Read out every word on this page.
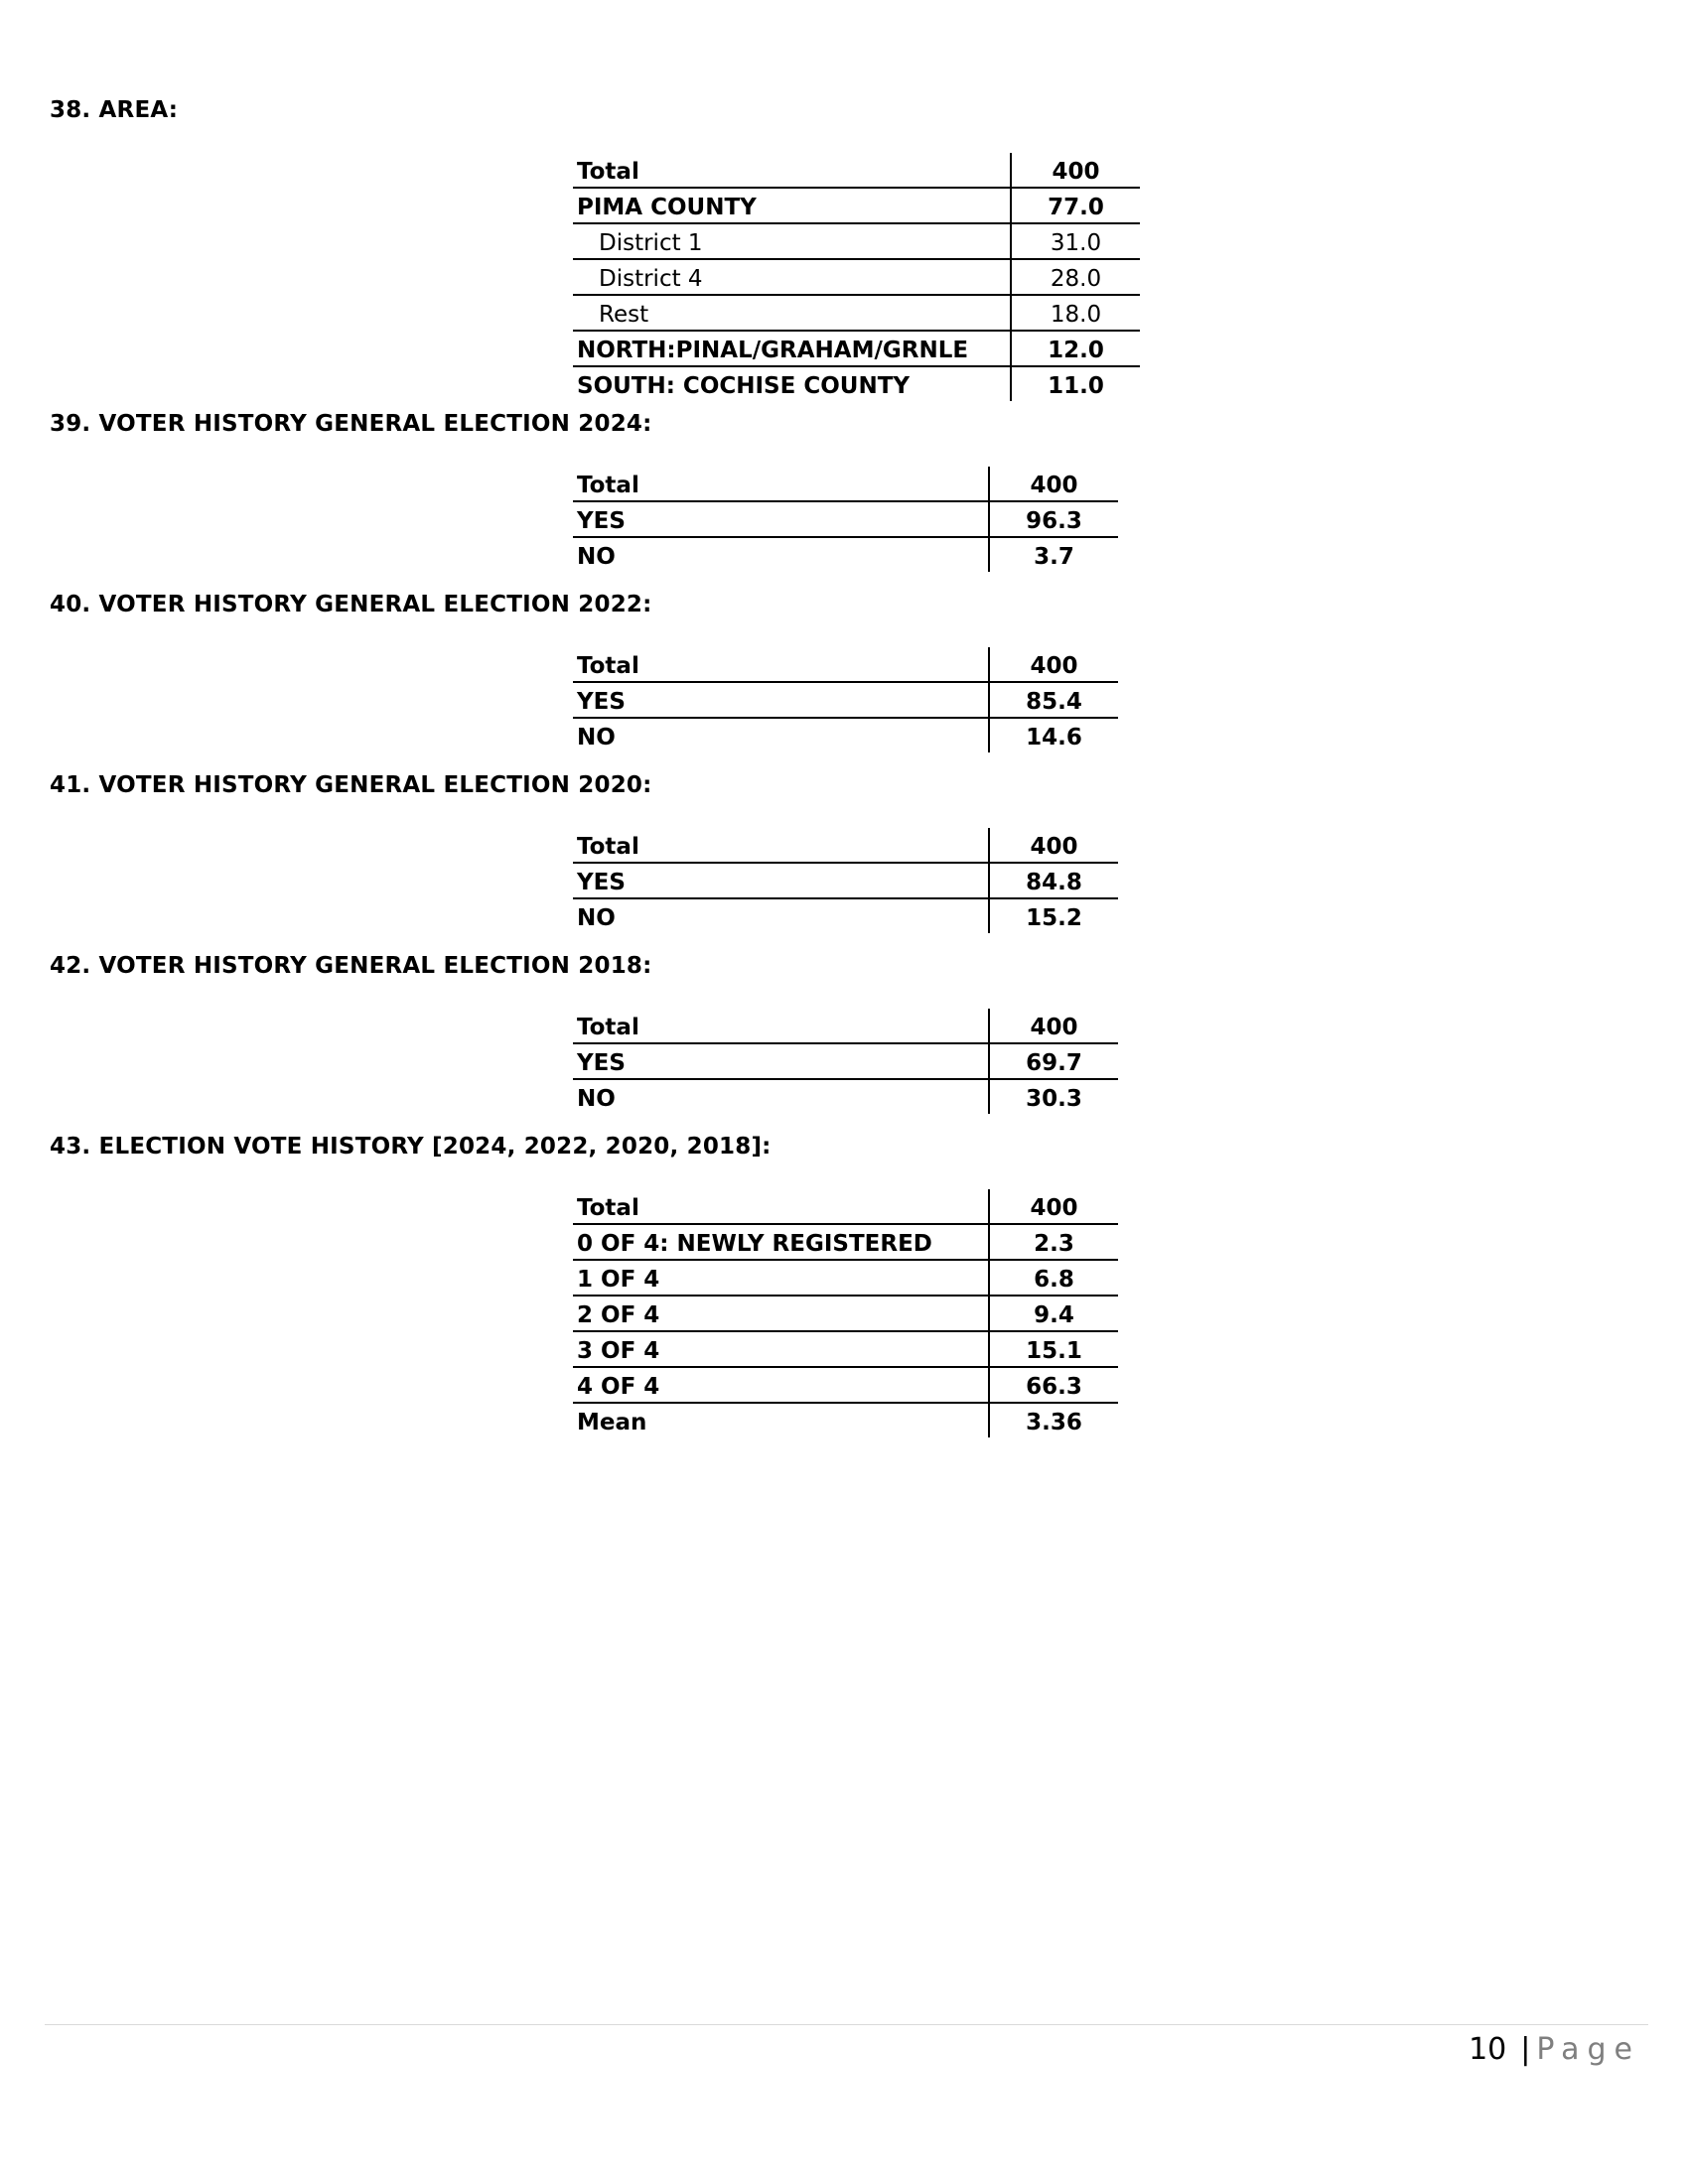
38. AREA:
Total	400
PIMA COUNTY	77.0
District 1	31.0
District 4	28.0
Rest	18.0
NORTH:PINAL/GRAHAM/GRNLE	12.0
SOUTH: COCHISE COUNTY	11.0
39. VOTER HISTORY GENERAL ELECTION 2024:
Total	400
YES	96.3
NO	3.7
40. VOTER HISTORY GENERAL ELECTION 2022:
Total	400
YES	85.4
NO	14.6
41. VOTER HISTORY GENERAL ELECTION 2020:
Total	400
YES	84.8
NO	15.2
42. VOTER HISTORY GENERAL ELECTION 2018:
Total	400
YES	69.7
NO	30.3
43. ELECTION VOTE HISTORY [2024, 2022, 2020, 2018]:
Total	400
0 OF 4: NEWLY REGISTERED	2.3
1 OF 4	6.8
2 OF 4	9.4
3 OF 4	15.1
4 OF 4	66.3
Mean	3.36
10 | Page
